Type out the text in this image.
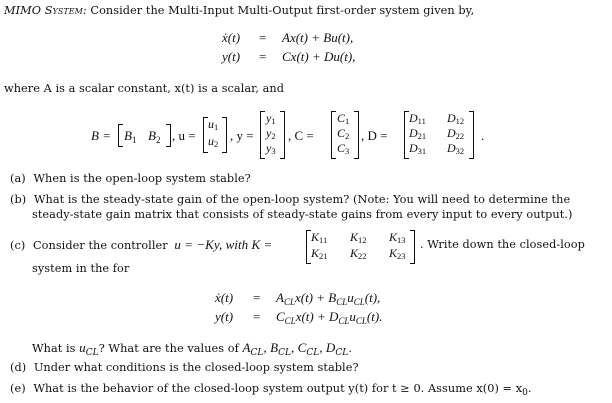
MIMO System: Consider the Multi-Input Multi-Output first-order system given by,
ẋ(t) = Ax(t) + Bu(t),
y(t) = Cx(t) + Du(t),
where A is a scalar constant, x(t) is a scalar, and
$B = B_1$ $B_2$ , u =
$u_1$
$u_2$
, y =
$y_1$
$y_2$
$y_3$
, C =
$C_1$
$C_2$
$C_3$
, D =
$D_{11}$ $D_{12}$
$D_{21}$ $D_{22}$
$D_{31}$ $D_{32}$
.
(a) When is the open-loop system stable?
(b) What is the steady-state gain of the open-loop system? (Note: You will need to determine the
steady-state gain matrix that consists of steady-state gains from every input to every output.)
(c) Consider the controller u = −Ky, with K =	$K_{11}$ $K_{12}$ $K_{13}$
$K_{21}$ $K_{22}$ $K_{23}$
. Write down the closed-loop
system in the for
ẋ(t) = $A_{CL}x(t) + B_{CL}u_{CL}(t)$,
$y(t) = C_{CL}x(t) + D_{CL}u_{CL}(t)$.
What is $u_{CL}$? What are the values of $A_{CL}$, $B_{CL}$, $C_{CL}$, $D_{CL}$.
(d) Under what conditions is the closed-loop system stable?
(e) What is the behavior of the closed-loop system output y(t) for t ≥ 0. Assume $x(0) = x_0$.
